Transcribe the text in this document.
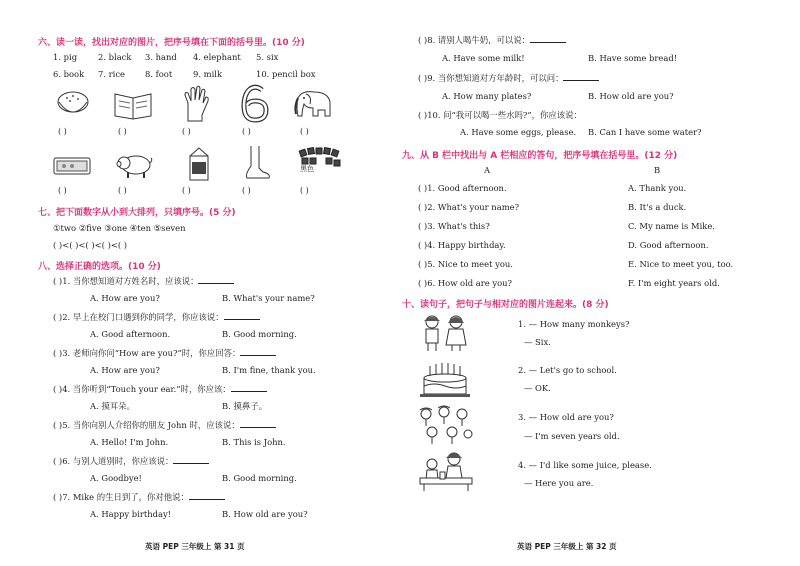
六、读一读，找出对应的图片，把序号填在下面的括号里。(10 分)
1. pig 2. black 3. hand 4. elephant 5. six
6. book 7. rice 8. foot 9. milk	10. pencil box
( )	( )	( )	( )	( )
黑色
( )	( )	( )	( )	( )
七、把下面数字从小到大排列，只填序号。(5 分)
①two ②five ③one ④ten ⑤seven
( )<( )<( )<( )<( )
八、选择正确的选项。(10 分)
( )1. 当你想知道对方姓名时，应该说：
A. How are you?	B. What's your name?
( )2. 早上在校门口遇到你的同学，你应该说：
A. Good afternoon.	B. Good morning.
( )3. 老师向你问“How are you?”时，你应回答：
A. How are you?	B. I'm fine, thank you.
( )4. 当你听到“Touch your ear.”时，你应该：
A. 摸耳朵。	B. 摸鼻子。
( )5. 当你向别人介绍你的朋友 John 时，应该说：
A. Hello! I'm John.	B. This is John.
( )6. 与别人道别时，你应该说：
A. Goodbye!	B. Good morning.
( )7. Mike 的生日到了，你对他说：
A. Happy birthday!	B. How old are you?
英语 PEP 三年级上 第 31 页
( )8. 请别人喝牛奶，可以说：
A. Have some milk!	B. Have some bread!
( )9. 当你想知道对方年龄时，可以问：
A. How many plates?	B. How old are you?
( )10. 问“我可以喝一些水吗?”，你应该说：
A. Have some eggs, please. B. Can I have some water?
九、从 B 栏中找出与 A 栏相应的答句，把序号填在括号里。(12 分)
A	B
( )1. Good afternoon.	A. Thank you.
( )2. What's your name?	B. It's a duck.
( )3. What's this?	C. My name is Mike.
( )4. Happy birthday.	D. Good afternoon.
( )5. Nice to meet you.	E. Nice to meet you, too.
( )6. How old are you?	F. I'm eight years old.
十、读句子，把句子与相对应的图片连起来。(8 分)
1. — How many monkeys?
— Six.
2. — Let's go to school.
— OK.
3. — How old are you?
— I'm seven years old.
4. — I'd like some juice, please.
— Here you are.
英语 PEP 三年级上 第 32 页
